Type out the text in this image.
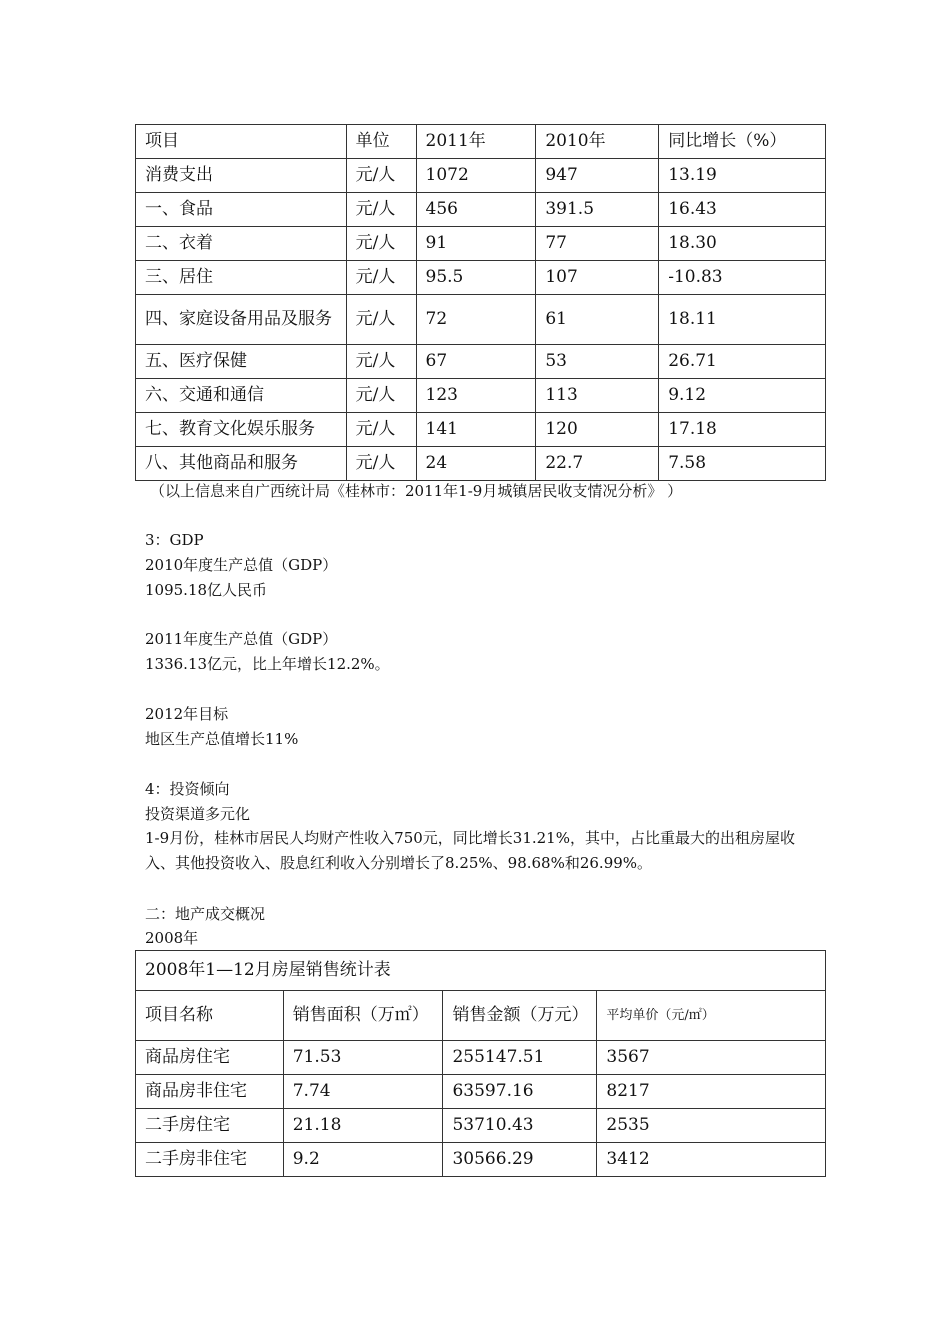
项目	单位	2011年	2010年	同比增长（%）
消费支出	元/人	1072	947	13.19
一、食品	元/人	456	391.5	16.43
二、衣着	元/人	91	77	18.30
三、居住	元/人	95.5	107	-10.83
四、家庭设备用品及服务	元/人	72	61	18.11
五、医疗保健	元/人	67	53	26.71
六、交通和通信	元/人	123	113	9.12
七、教育文化娱乐服务	元/人	141	120	17.18
八、其他商品和服务	元/人	24	22.7	7.58
（以上信息来自广西统计局《桂林市：2011年1-9月城镇居民收支情况分析》 ）
3：GDP
2010年度生产总值（GDP）
1095.18亿人民币
2011年度生产总值（GDP）
1336.13亿元，比上年增长12.2%。
2012年目标
地区生产总值增长11%
4：投资倾向
投资渠道多元化
1-9月份，桂林市居民人均财产性收入750元，同比增长31.21%，其中，占比重最大的出租房屋收入、其他投资收入、股息红利收入分别增长了8.25%、98.68%和26.99%。
二：地产成交概况
2008年
2008年1—12月房屋销售统计表			
项目名称	销售面积（万㎡）	销售金额（万元）	平均单价（元/㎡）
商品房住宅	71.53	255147.51	3567
商品房非住宅	7.74	63597.16	8217
二手房住宅	21.18	53710.43	2535
二手房非住宅	9.2	30566.29	3412
